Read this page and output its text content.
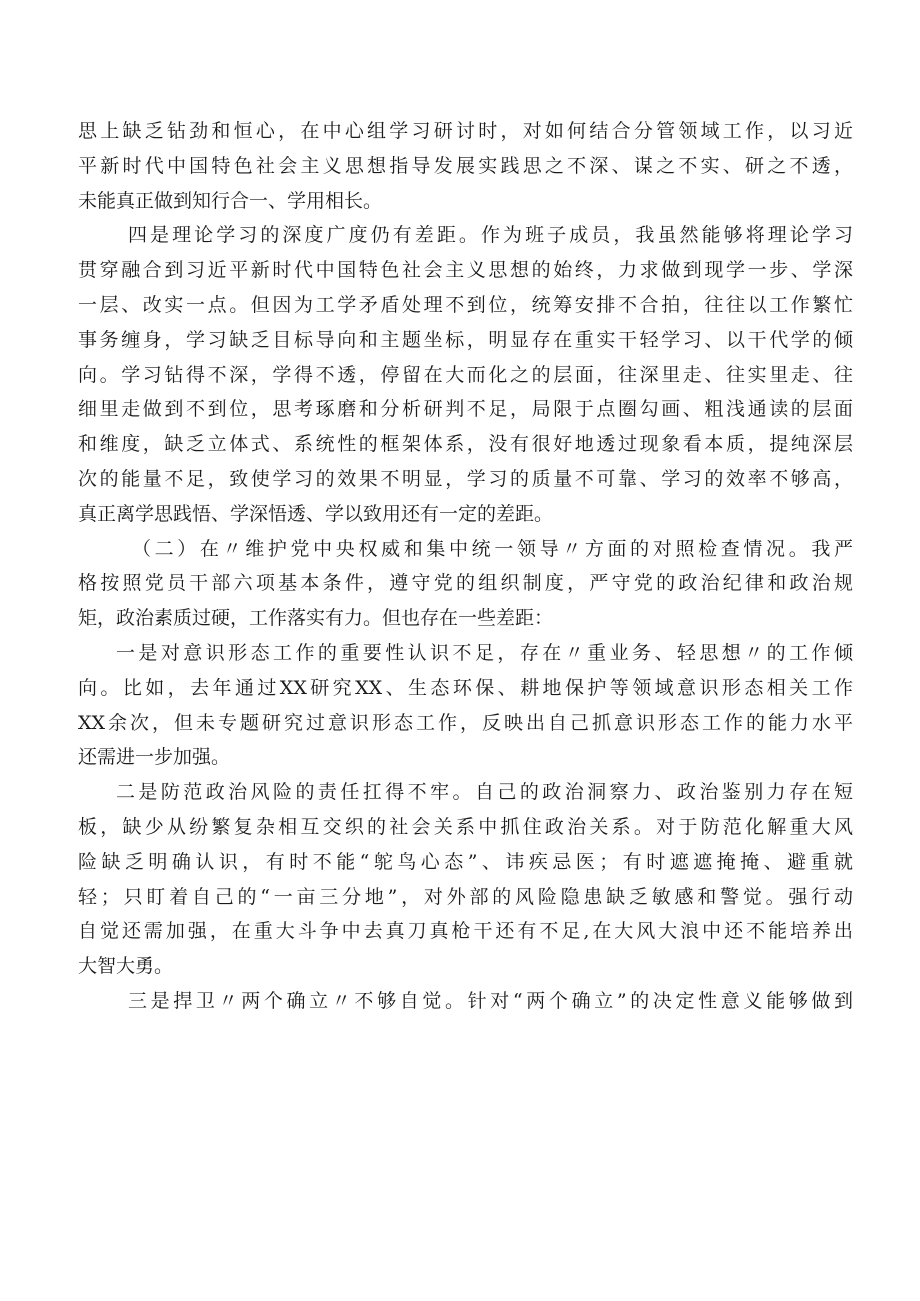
思上缺乏钻劲和恒心，在中心组学习研讨时，对如何结合分管领域工作，以习近
平新时代中国特色社会主义思想指导发展实践思之不深、谋之不实、研之不透，
未能真正做到知行合一、学用相长。
四是理论学习的深度广度仍有差距。作为班子成员，我虽然能够将理论学习
贯穿融合到习近平新时代中国特色社会主义思想的始终，力求做到现学一步、学深
一层、改实一点。但因为工学矛盾处理不到位，统筹安排不合拍，往往以工作繁忙
事务缠身，学习缺乏目标导向和主题坐标，明显存在重实干轻学习、以干代学的倾
向。学习钻得不深，学得不透，停留在大而化之的层面，往深里走、往实里走、往
细里走做到不到位，思考琢磨和分析研判不足，局限于点圈勾画、粗浅通读的层面
和维度，缺乏立体式、系统性的框架体系，没有很好地透过现象看本质，提纯深层
次的能量不足，致使学习的效果不明显，学习的质量不可靠、学习的效率不够高，
真正离学思践悟、学深悟透、学以致用还有一定的差距。
（二）在〃维护党中央权威和集中统一领导〃方面的对照检查情况。我严
格按照党员干部六项基本条件，遵守党的组织制度，严守党的政治纪律和政治规
矩，政治素质过硬，工作落实有力。但也存在一些差距：
一是对意识形态工作的重要性认识不足，存在〃重业务、轻思想〃的工作倾
向。比如，去年通过XX研究XX、生态环保、耕地保护等领域意识形态相关工作
XX余次，但未专题研究过意识形态工作，反映出自己抓意识形态工作的能力水平
还需进一步加强。
二是防范政治风险的责任扛得不牢。自己的政治洞察力、政治鉴别力存在短
板，缺少从纷繁复杂相互交织的社会关系中抓住政治关系。对于防范化解重大风
险缺乏明确认识，有时不能“鸵鸟心态”、讳疾忌医；有时遮遮掩掩、避重就
轻；只盯着自己的“一亩三分地”，对外部的风险隐患缺乏敏感和警觉。强行动
自觉还需加强，在重大斗争中去真刀真枪干还有不足,在大风大浪中还不能培养出
大智大勇。
三是捍卫〃两个确立〃不够自觉。针对“两个确立”的决定性意义能够做到
